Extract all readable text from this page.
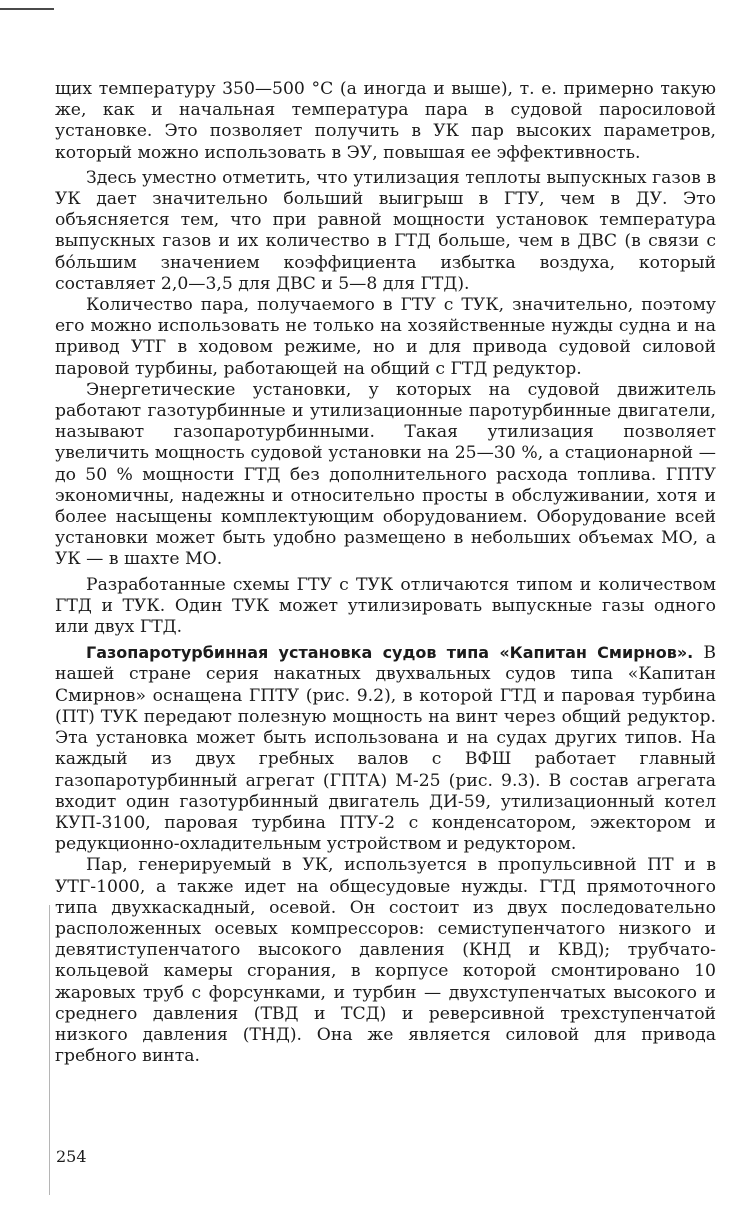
щих температуру 350—500 °C (а иногда и выше), т. е. примерно такую же, как и начальная температура пара в судовой паросиловой установке. Это позволяет получить в УК пар высоких параметров, который можно использовать в ЭУ, повышая ее эффективность.

Здесь уместно отметить, что утилизация теплоты выпускных газов в УК дает значительно больший выигрыш в ГТУ, чем в ДУ. Это объясняется тем, что при равной мощности установок температура выпускных газов и их количество в ГТД больше, чем в ДВС (в связи с бо́льшим значением коэффициента избытка воздуха, который составляет 2,0—3,5 для ДВС и 5—8 для ГТД).

Количество пара, получаемого в ГТУ с ТУК, значительно, поэтому его можно использовать не только на хозяйственные нужды судна и на привод УТГ в ходовом режиме, но и для привода судовой силовой паровой турбины, работающей на общий с ГТД редуктор.

Энергетические установки, у которых на судовой движитель работают газотурбинные и утилизационные паротурбинные двигатели, называют газопаротурбинными. Такая утилизация позволяет увеличить мощность судовой установки на 25—30 %, а стационарной — до 50 % мощности ГТД без дополнительного расхода топлива. ГПТУ экономичны, надежны и относительно просты в обслуживании, хотя и более насыщены комплектующим оборудованием. Оборудование всей установки может быть удобно размещено в небольших объемах МО, а УК — в шахте МО.

Разработанные схемы ГТУ с ТУК отличаются типом и количеством ГТД и ТУК. Один ТУК может утилизировать выпускные газы одного или двух ГТД.

Газопаротурбинная установка судов типа «Капитан Смирнов». В нашей стране серия накатных двухвальных судов типа «Капитан Смирнов» оснащена ГПТУ (рис. 9.2), в которой ГТД и паровая турбина (ПТ) ТУК передают полезную мощность на винт через общий редуктор. Эта установка может быть использована и на судах других типов. На каждый из двух гребных валов с ВФШ работает главный газопаротурбинный агрегат (ГПТА) М-25 (рис. 9.3). В состав агрегата входит один газотурбинный двигатель ДИ-59, утилизационный котел КУП-3100, паровая турбина ПТУ-2 с конденсатором, эжектором и редукционно-охладительным устройством и редуктором.

Пар, генерируемый в УК, используется в пропульсивной ПТ и в УТГ-1000, а также идет на общесудовые нужды. ГТД прямоточного типа двухкаскадный, осевой. Он состоит из двух последовательно расположенных осевых компрессоров: семиступенчатого низкого и девятиступенчатого высокого давления (КНД и КВД); трубчато-кольцевой камеры сгорания, в корпусе которой смонтировано 10 жаровых труб с форсунками, и турбин — двухступенчатых высокого и среднего давления (ТВД и ТСД) и реверсивной трехступенчатой низкого давления (ТНД). Она же является силовой для привода гребного винта.

254
